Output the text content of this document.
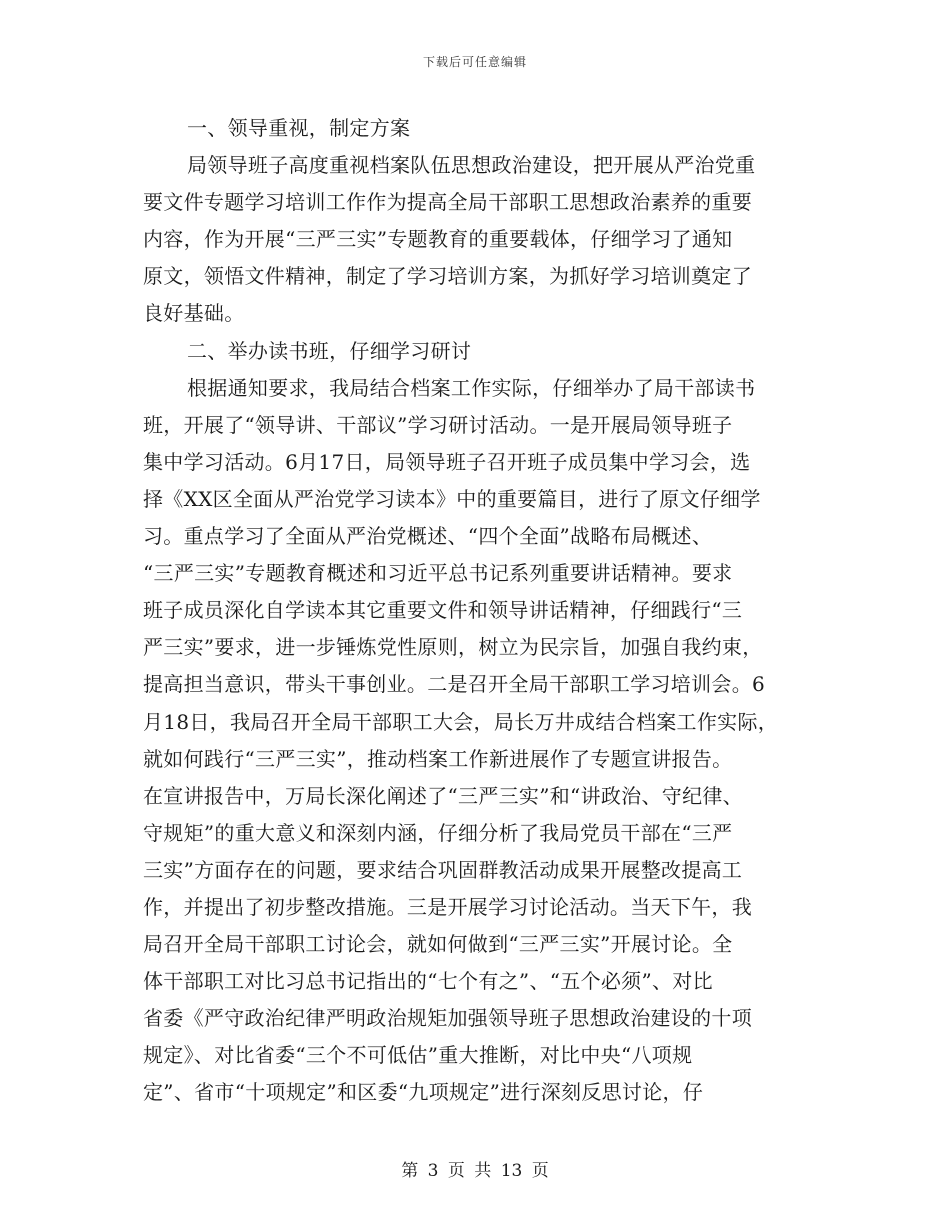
下载后可任意编辑
一、领导重视，制定方案
局领导班子高度重视档案队伍思想政治建设，把开展从严治党重
要文件专题学习培训工作作为提高全局干部职工思想政治素养的重要
内容，作为开展“三严三实”专题教育的重要载体，仔细学习了通知
原文，领悟文件精神，制定了学习培训方案，为抓好学习培训奠定了
良好基础。
二、举办读书班，仔细学习研讨
根据通知要求，我局结合档案工作实际，仔细举办了局干部读书
班，开展了“领导讲、干部议”学习研讨活动。一是开展局领导班子
集中学习活动。6月17日，局领导班子召开班子成员集中学习会，选
择《XX区全面从严治党学习读本》中的重要篇目，进行了原文仔细学
习。重点学习了全面从严治党概述、“四个全面”战略布局概述、
“三严三实”专题教育概述和习近平总书记系列重要讲话精神。要求
班子成员深化自学读本其它重要文件和领导讲话精神，仔细践行“三
严三实”要求，进一步锤炼党性原则，树立为民宗旨，加强自我约束，
提高担当意识，带头干事创业。二是召开全局干部职工学习培训会。6
月18日，我局召开全局干部职工大会，局长万井成结合档案工作实际，
就如何践行“三严三实”，推动档案工作新进展作了专题宣讲报告。
在宣讲报告中，万局长深化阐述了“三严三实”和“讲政治、守纪律、
守规矩”的重大意义和深刻内涵，仔细分析了我局党员干部在“三严
三实”方面存在的问题，要求结合巩固群教活动成果开展整改提高工
作，并提出了初步整改措施。三是开展学习讨论活动。当天下午，我
局召开全局干部职工讨论会，就如何做到“三严三实”开展讨论。全
体干部职工对比习总书记指出的“七个有之”、“五个必须”、对比
省委《严守政治纪律严明政治规矩加强领导班子思想政治建设的十项
规定》、对比省委“三个不可低估”重大推断，对比中央“八项规
定”、省市“十项规定”和区委“九项规定”进行深刻反思讨论，仔
第 3 页 共 13 页
